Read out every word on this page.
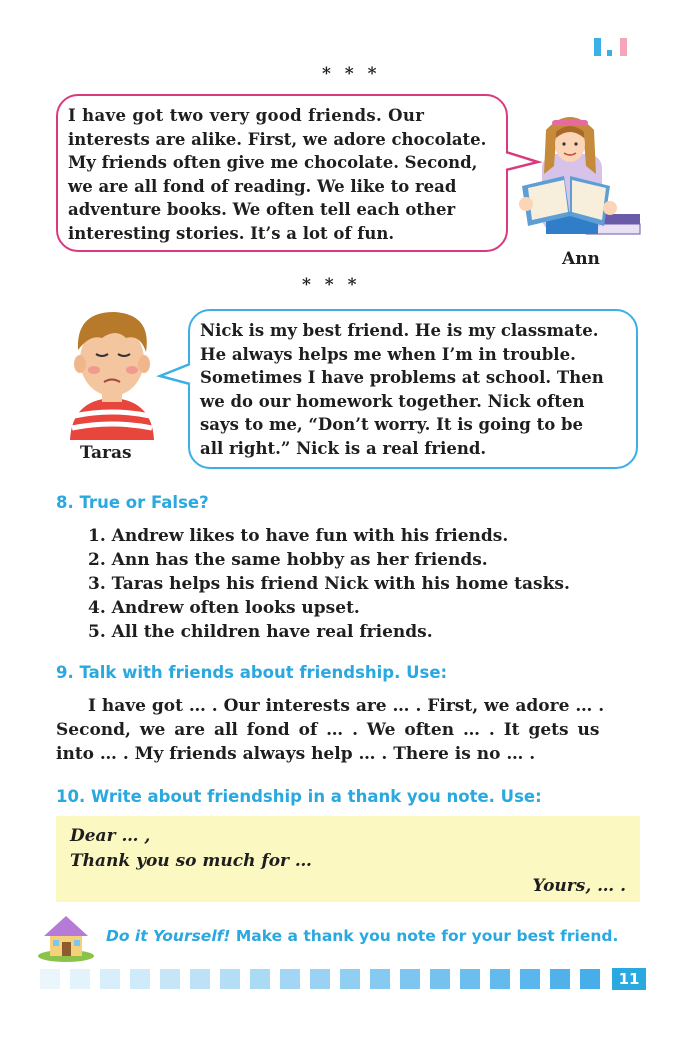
* * *

I have got two very good friends. Our

interests are alike. First, we adore chocolate.

My friends often give me chocolate. Second,

we are all fond of reading. We like to read

adventure books. We often tell each other

interesting stories. It’s a lot of fun.

Ann
* * *
Taras

Nick is my best friend. He is my classmate.

He always helps me when I’m in trouble.

Sometimes I have problems at school. Then

we do our homework together. Nick often

says to me, “Don’t worry. It is going to be

all right.” Nick is a real friend.

8. True or False?
1. Andrew likes to have fun with his friends.
2. Ann has the same hobby as her friends.
3. Taras helps his friend Nick with his home tasks.
4. Andrew often looks upset.
5. All the children have real friends.
9. Talk with friends about friendship. Use:
I have got … . Our interests are … . First, we adore … .
Second, we are all fond of … . We often … . It gets us
into … . My friends always help … . There is no … .
10. Write about friendship in a thank you note. Use:
Dear … ,
Thank you so much for …
Yours, … .
Do it Yourself! Make a thank you note for your best friend.
11
